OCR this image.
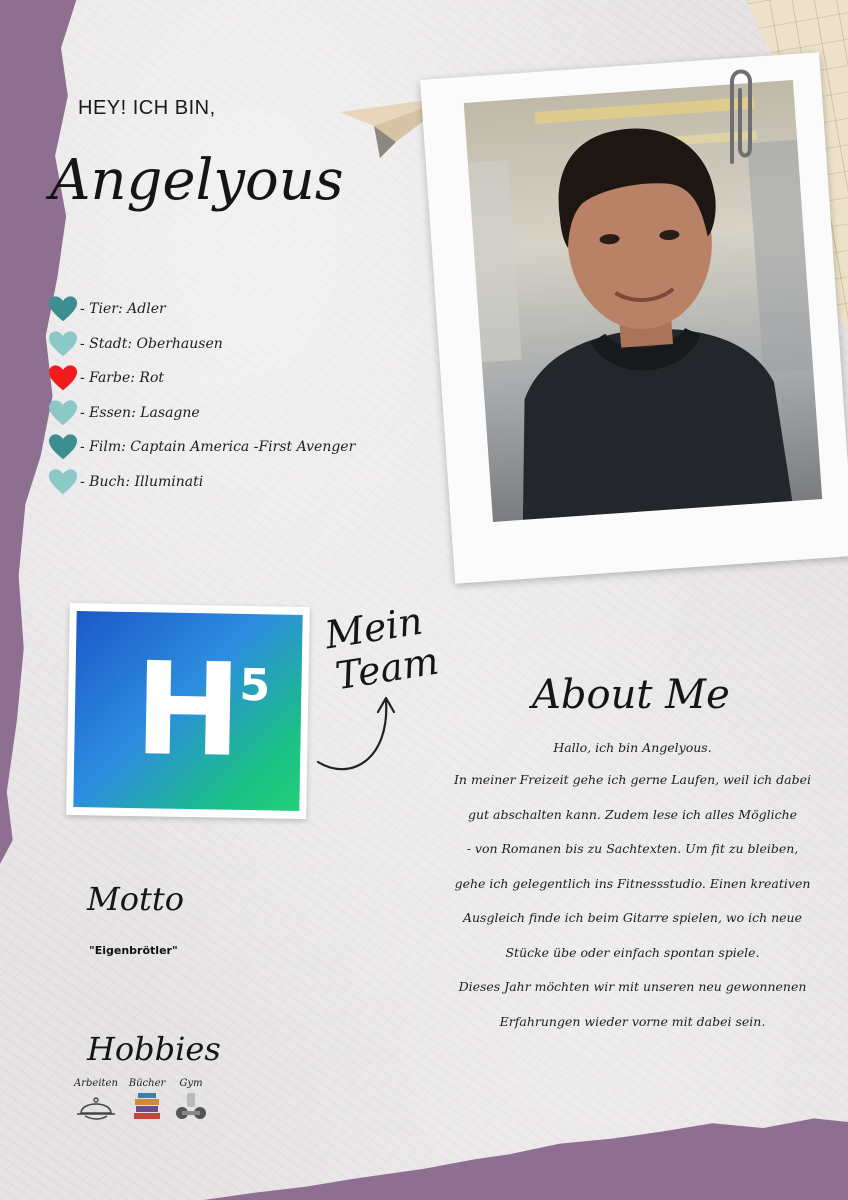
HEY! ICH BIN,
Angelyous
- Tier: Adler
- Stadt: Oberhausen
- Farbe: Rot
- Essen: Lasagne
- Film: Captain America -First Avenger
- Buch: Illuminati
H
5
Mein
Team About Me
Hallo, ich bin Angelyous.
In meiner Freizeit gehe ich gerne Laufen, weil ich dabei
gut abschalten kann. Zudem lese ich alles Mögliche
- von Romanen bis zu Sachtexten. Um fit zu bleiben,
gehe ich gelegentlich ins Fitnessstudio. Einen kreativen
Ausgleich finde ich beim Gitarre spielen, wo ich neue
Stücke übe oder einfach spontan spiele.
Dieses Jahr möchten wir mit unseren neu gewonnenen
Erfahrungen wieder vorne mit dabei sein.
Motto
"Eigenbrötler"
Hobbies
Arbeiten Bücher	Gym
